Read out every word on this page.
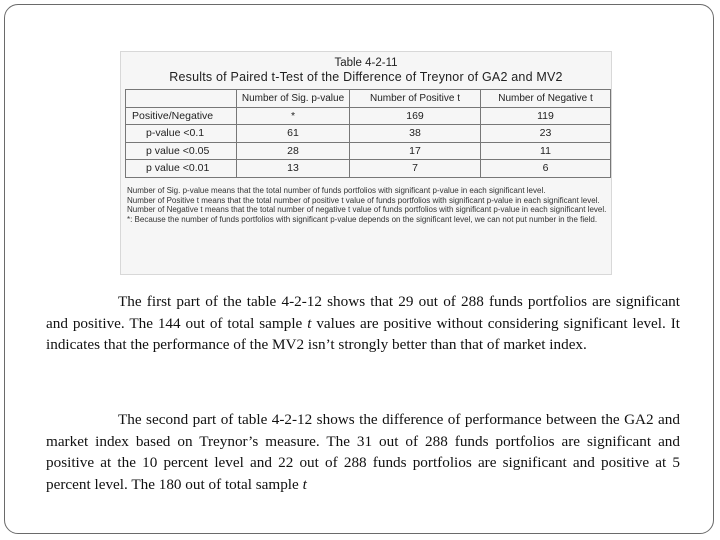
Table 4-2-11
Results of Paired t-Test of the Difference of Treynor of GA2 and MV2
	Number of Sig. p-value	Number of Positive t	Number of Negative t
Positive/Negative	*	169	119
p-value <0.1	61	38	23
p value <0.05	28	17	11
p value <0.01	13	7	6

Number of Sig. p-value means that the total number of funds portfolios with significant p-value in each significant level.

Number of Positive t means that the total number of positive t value of funds portfolios with significant p-value in each significant level.

Number of Negative t means that the total number of negative t value of funds portfolios with significant p-value in each significant level.

*: Because the number of funds portfolios with significant p-value depends on the significant level, we can not put number in the field.

The first part of the table 4-2-12 shows that 29 out of 288 funds portfolios are significant and positive. The 144 out of total sample t values are positive without considering significant level. It indicates that the performance of the MV2 isn’t strongly better than that of market index.

The second part of table 4-2-12 shows the difference of performance between the GA2 and market index based on Treynor’s measure. The 31 out of 288 funds portfolios are significant and positive at the 10 percent level and 22 out of 288 funds portfolios are significant and positive at 5 percent level. The 180 out of total sample t
